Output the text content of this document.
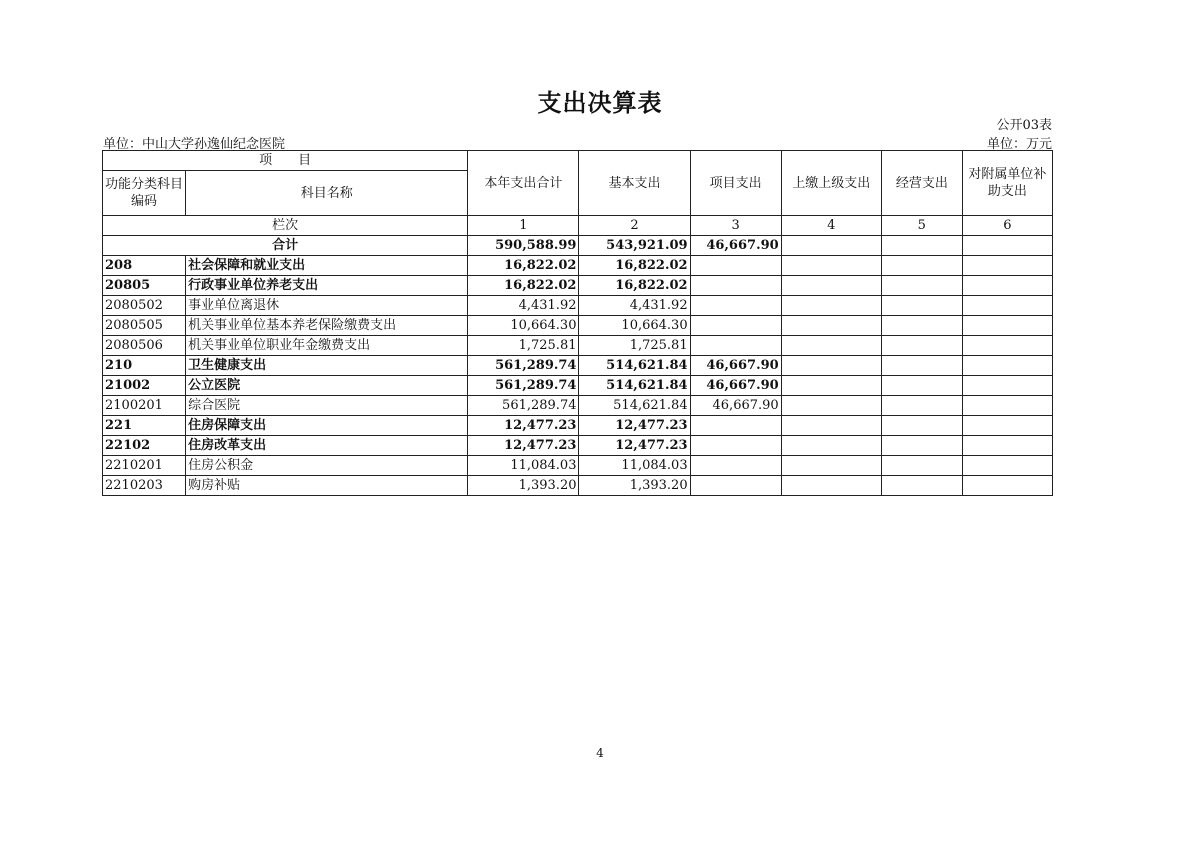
支出决算表
公开03表
单位：中山大学孙逸仙纪念医院	单位：万元
项　　目		本年支出合计	基本支出	项目支出	上缴上级支出	经营支出	对附属单位补助支出
功能分类科目编码	科目名称						
栏次		1	2	3	4	5	6
合计		590,588.99	543,921.09	46,667.90			
208	社会保障和就业支出	16,822.02	16,822.02				
20805	行政事业单位养老支出	16,822.02	16,822.02				
2080502	事业单位离退休	4,431.92	4,431.92				
2080505	机关事业单位基本养老保险缴费支出	10,664.30	10,664.30				
2080506	机关事业单位职业年金缴费支出	1,725.81	1,725.81				
210	卫生健康支出	561,289.74	514,621.84	46,667.90			
21002	公立医院	561,289.74	514,621.84	46,667.90			
2100201	综合医院	561,289.74	514,621.84	46,667.90			
221	住房保障支出	12,477.23	12,477.23				
22102	住房改革支出	12,477.23	12,477.23				
2210201	住房公积金	11,084.03	11,084.03				
2210203	购房补贴	1,393.20	1,393.20				
4
